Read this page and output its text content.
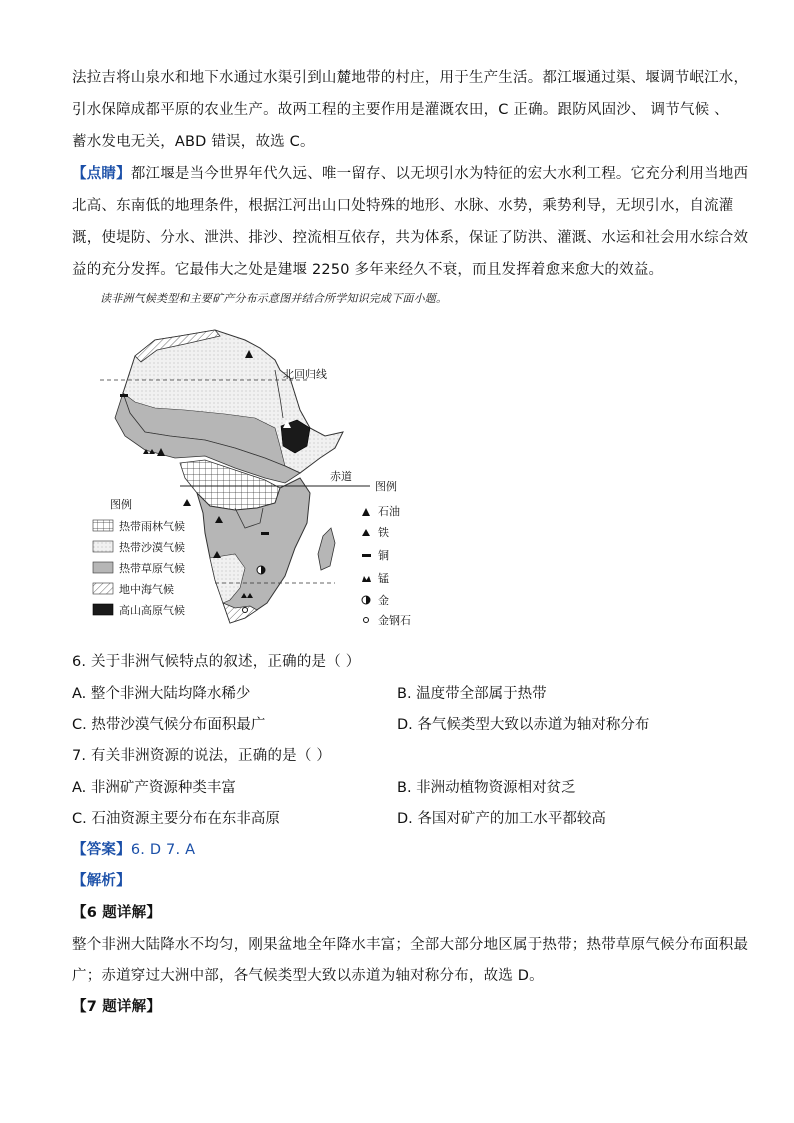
法拉吉将山泉水和地下水通过水渠引到山麓地带的村庄，用于生产生活。都江堰通过渠、堰调节岷江水，
引水保障成都平原的农业生产。故两工程的主要作用是灌溉农田，C 正确。跟防风固沙、 调节气候 、
蓄水发电无关，ABD 错误，故选 C。
【点睛】都江堰是当今世界年代久远、唯一留存、以无坝引水为特征的宏大水利工程。它充分利用当地西
北高、东南低的地理条件，根据江河出山口处特殊的地形、水脉、水势，乘势利导，无坝引水，自流灌
溉，使堤防、分水、泄洪、排沙、控流相互依存，共为体系，保证了防洪、灌溉、水运和社会用水综合效
益的充分发挥。它最伟大之处是建堰 2250 多年来经久不衰，而且发挥着愈来愈大的效益。
读非洲气候类型和主要矿产分布示意图并结合所学知识完成下面小题。
北回归线
赤道
图例
热带雨林气候
热带沙漠气候
热带草原气候
地中海气候
高山高原气候
图例
石油
铁
铜
锰
金
金钢石
6. 关于非洲气候特点的叙述，正确的是（ ）
A. 整个非洲大陆均降水稀少	B. 温度带全部属于热带
C. 热带沙漠气候分布面积最广	D. 各气候类型大致以赤道为轴对称分布
7. 有关非洲资源的说法，正确的是（ ）
A. 非洲矿产资源种类丰富	B. 非洲动植物资源相对贫乏
C. 石油资源主要分布在东非高原	D. 各国对矿产的加工水平都较高
【答案】6. D 7. A
【解析】
【6 题详解】
整个非洲大陆降水不均匀，刚果盆地全年降水丰富；全部大部分地区属于热带；热带草原气候分布面积最
广；赤道穿过大洲中部，各气候类型大致以赤道为轴对称分布，故选 D。
【7 题详解】
